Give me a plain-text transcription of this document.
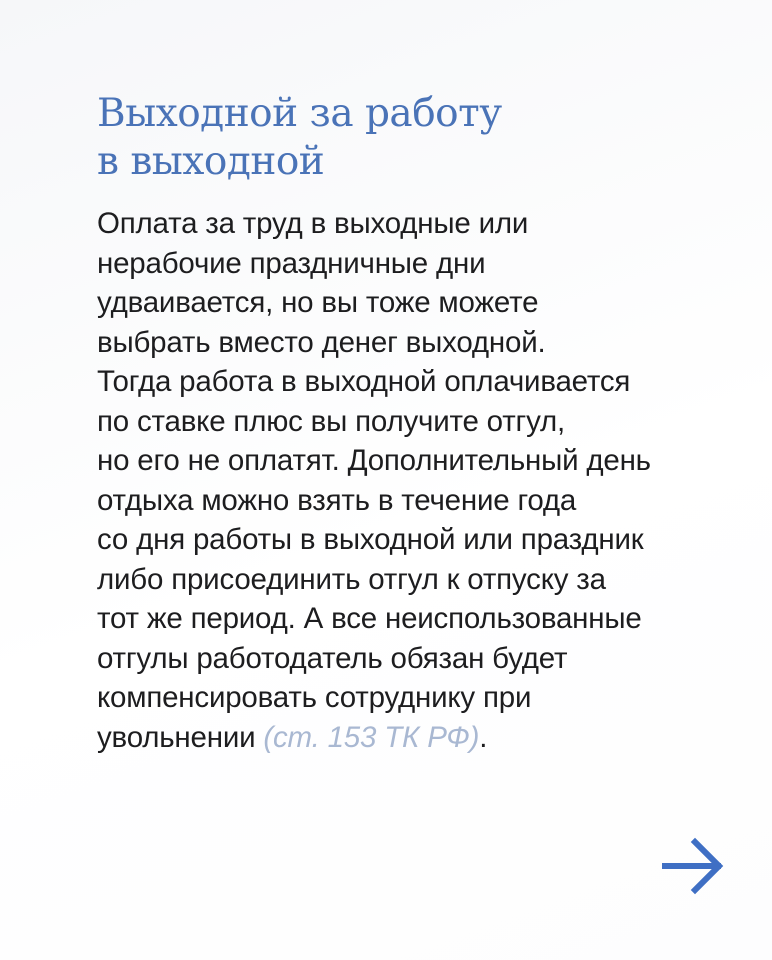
Выходной за работу
в выходной

Оплата за труд в выходные или
нерабочие праздничные дни
удваивается, но вы тоже можете
выбрать вместо денег выходной.
Тогда работа в выходной оплачивается
по ставке плюс вы получите отгул,
но его не оплатят. Дополнительный день
отдыха можно взять в течение года
со дня работы в выходной или праздник
либо присоединить отгул к отпуску за
тот же период. А все неиспользованные
отгулы работодатель обязан будет
компенсировать сотруднику при
увольнении (ст. 153 ТК РФ).
